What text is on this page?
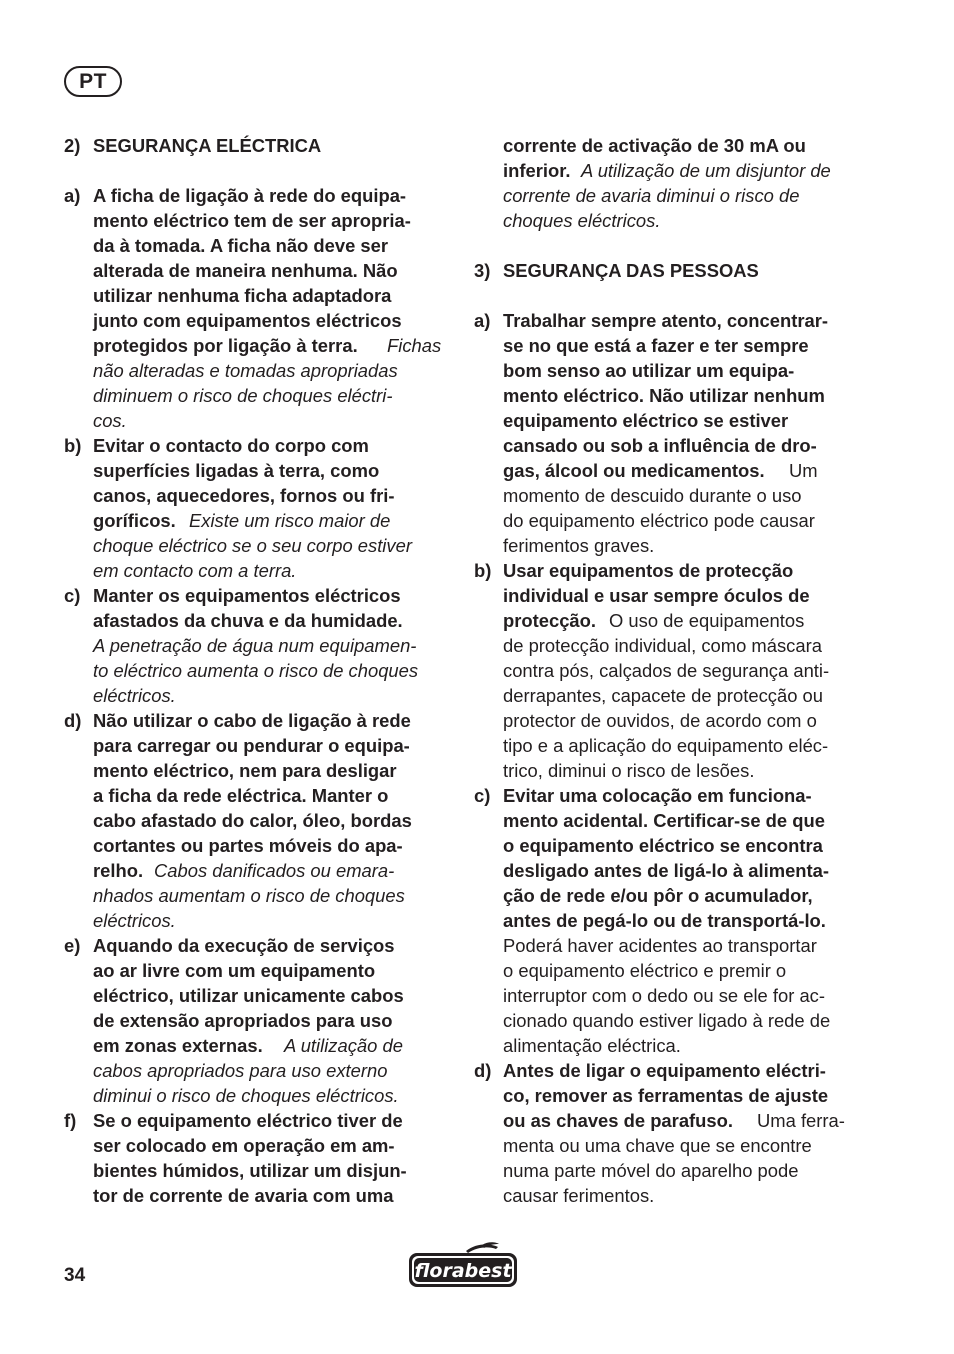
PT
2) SEGURANÇA ELÉCTRICA
a) A ficha de ligação à rede do equipa-
mento eléctrico tem de ser apropria-
da à tomada. A ficha não deve ser
alterada de maneira nenhuma. Não
utilizar nenhuma ficha adaptadora
junto com equipamentos eléctricos
protegidos por ligação à terra.	Fichas
não alteradas e tomadas apropriadas
diminuem o risco de choques eléctri-
cos.
b) Evitar o contacto do corpo com
superfícies ligadas à terra, como
canos, aquecedores, fornos ou fri-
goríficos. Existe um risco maior de
choque eléctrico se o seu corpo estiver
em contacto com a terra.
c) Manter os equipamentos eléctricos
afastados da chuva e da humidade.
A penetração de água num equipamen-
to eléctrico aumenta o risco de choques
eléctricos.
d) Não utilizar o cabo de ligação à rede
para carregar ou pendurar o equipa-
mento eléctrico, nem para desligar
a ficha da rede eléctrica. Manter o
cabo afastado do calor, óleo, bordas
cortantes ou partes móveis do apa-
relho. Cabos danificados ou emara-
nhados aumentam o risco de choques
eléctricos.
e) Aquando da execução de serviços
ao ar livre com um equipamento
eléctrico, utilizar unicamente cabos
de extensão apropriados para uso
em zonas externas.	A utilização de
cabos apropriados para uso externo
diminui o risco de choques eléctricos.
f) Se o equipamento eléctrico tiver de
ser colocado em operação em am-
bientes húmidos, utilizar um disjun-
tor de corrente de avaria com uma
corrente de activação de 30 mA ou
inferior. A utilização de um disjuntor de
corrente de avaria diminui o risco de
choques eléctricos.
3) SEGURANÇA DAS PESSOAS
a) Trabalhar sempre atento, concentrar-
se no que está a fazer e ter sempre
bom senso ao utilizar um equipa-
mento eléctrico. Não utilizar nenhum
equipamento eléctrico se estiver
cansado ou sob a influência de dro-
gas, álcool ou medicamentos.	Um
momento de descuido durante o uso
do equipamento eléctrico pode causar
ferimentos graves.
b) Usar equipamentos de protecção
individual e usar sempre óculos de
protecção. O uso de equipamentos
de protecção individual, como máscara
contra pós, calçados de segurança anti-
derrapantes, capacete de protecção ou
protector de ouvidos, de acordo com o
tipo e a aplicação do equipamento eléc-
trico, diminui o risco de lesões.
c) Evitar uma colocação em funciona-
mento acidental. Certificar-se de que
o equipamento eléctrico se encontra
desligado antes de ligá-lo à alimenta-
ção de rede e/ou pôr o acumulador,
antes de pegá-lo ou de transportá-lo.
Poderá haver acidentes ao transportar
o equipamento eléctrico e premir o
interruptor com o dedo ou se ele for ac-
cionado quando estiver ligado à rede de
alimentação eléctrica.
d) Antes de ligar o equipamento eléctri-
co, remover as ferramentas de ajuste
ou as chaves de parafuso.	Uma ferra-
menta ou uma chave que se encontre
numa parte móvel do aparelho pode
causar ferimentos.
34	florabest
